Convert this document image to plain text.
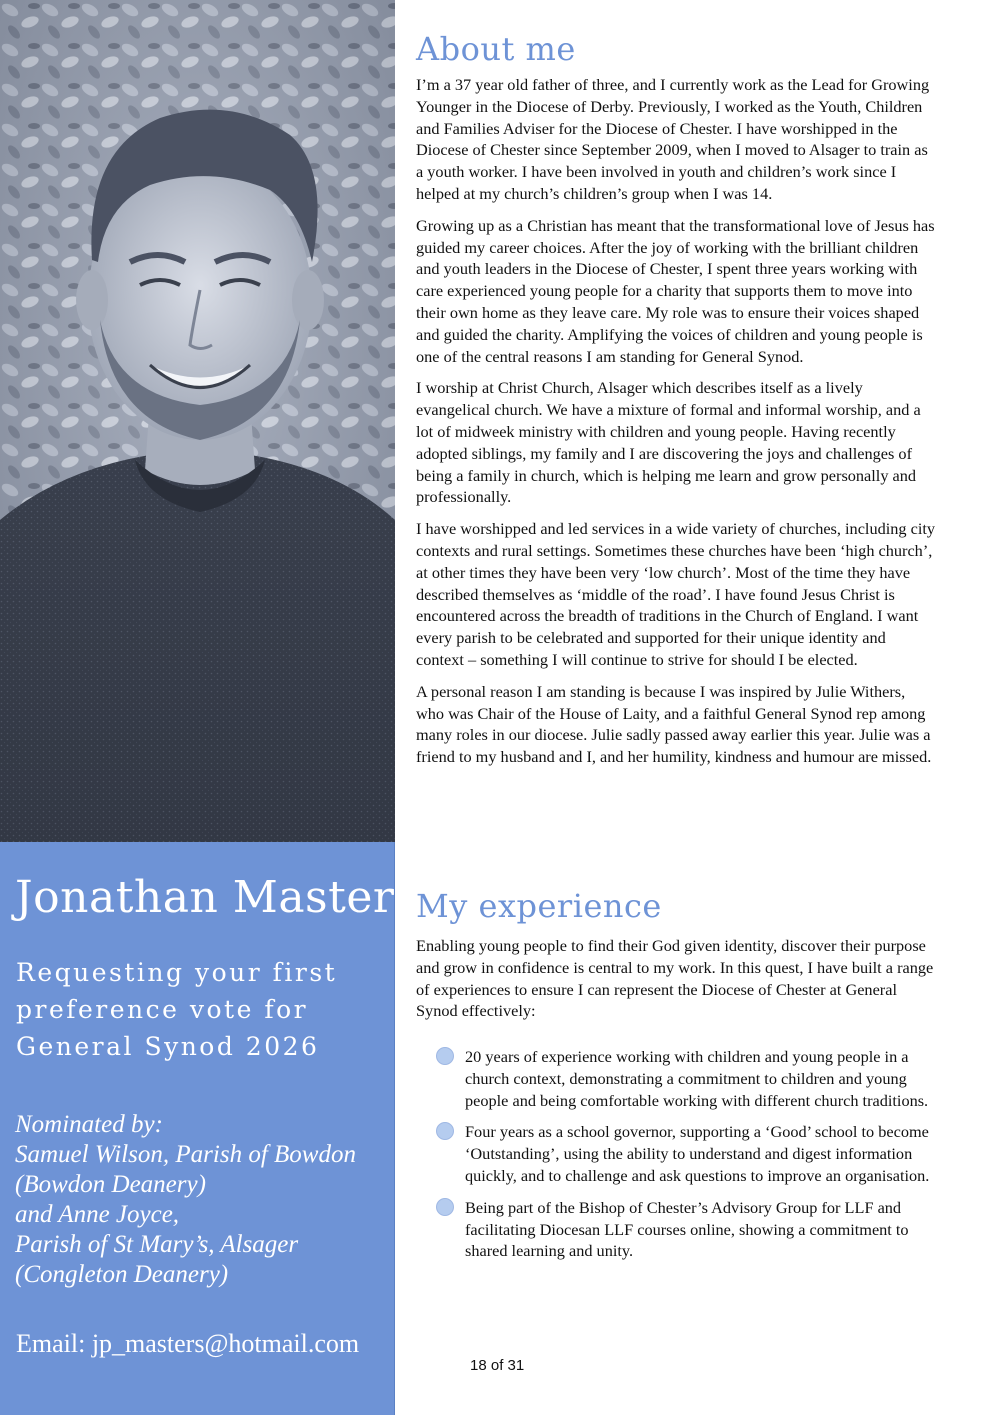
Jonathan Masters

Requesting your first preference vote for General Synod 2026

Nominated by:
Samuel Wilson, Parish of Bowdon
(Bowdon Deanery)
and Anne Joyce,
Parish of St Mary’s, Alsager
(Congleton Deanery)

Email: jp_masters@hotmail.com

About me

I’m a 37 year old father of three, and I currently work as the Lead for Growing Younger in the Diocese of Derby. Previously, I worked as the Youth, Children and Families Adviser for the Diocese of Chester. I have worshipped in the Diocese of Chester since September 2009, when I moved to Alsager to train as a youth worker. I have been involved in youth and children’s work since I helped at my church’s children’s group when I was 14.

Growing up as a Christian has meant that the transformational love of Jesus has guided my career choices. After the joy of working with the brilliant children and youth leaders in the Diocese of Chester, I spent three years working with care experienced young people for a charity that supports them to move into their own home as they leave care. My role was to ensure their voices shaped and guided the charity. Amplifying the voices of children and young people is one of the central reasons I am standing for General Synod.

I worship at Christ Church, Alsager which describes itself as a lively evangelical church. We have a mixture of formal and informal worship, and a lot of midweek ministry with children and young people. Having recently adopted siblings, my family and I are discovering the joys and challenges of being a family in church, which is helping me learn and grow personally and professionally.

I have worshipped and led services in a wide variety of churches, including city contexts and rural settings. Sometimes these churches have been ‘high church’, at other times they have been very ‘low church’. Most of the time they have described themselves as ‘middle of the road’. I have found Jesus Christ is encountered across the breadth of traditions in the Church of England. I want every parish to be celebrated and supported for their unique identity and context – something I will continue to strive for should I be elected.

A personal reason I am standing is because I was inspired by Julie Withers, who was Chair of the House of Laity, and a faithful General Synod rep among many roles in our diocese. Julie sadly passed away earlier this year. Julie was a friend to my husband and I, and her humility, kindness and humour are missed.

My experience

Enabling young people to find their God given identity, discover their purpose and grow in confidence is central to my work. In this quest, I have built a range of experiences to ensure I can represent the Diocese of Chester at General Synod effectively:

20 years of experience working with children and young people in a church context, demonstrating a commitment to children and young people and being comfortable working with different church traditions.
Four years as a school governor, supporting a ‘Good’ school to become ‘Outstanding’, using the ability to understand and digest information quickly, and to challenge and ask questions to improve an organisation.
Being part of the Bishop of Chester’s Advisory Group for LLF and facilitating Diocesan LLF courses online, showing a commitment to shared learning and unity.
18 of 31
